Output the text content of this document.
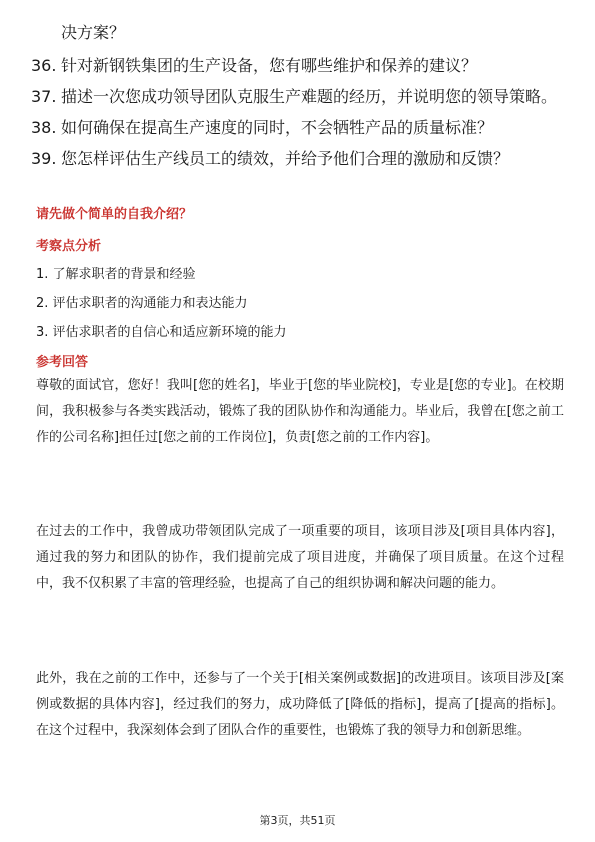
决方案？
36. 针对新钢铁集团的生产设备，您有哪些维护和保养的建议？
37. 描述一次您成功领导团队克服生产难题的经历，并说明您的领导策略。
38. 如何确保在提高生产速度的同时，不会牺牲产品的质量标准？
39. 您怎样评估生产线员工的绩效，并给予他们合理的激励和反馈？

请先做个简单的自我介绍？

考察点分析

1. 了解求职者的背景和经验
2. 评估求职者的沟通能力和表达能力
3. 评估求职者的自信心和适应新环境的能力

参考回答

尊敬的面试官，您好！我叫[您的姓名]，毕业于[您的毕业院校]，专业是[您的专业]。在校期间，我积极参与各类实践活动，锻炼了我的团队协作和沟通能力。毕业后，我曾在[您之前工作的公司名称]担任过[您之前的工作岗位]，负责[您之前的工作内容]。

在过去的工作中，我曾成功带领团队完成了一项重要的项目，该项目涉及[项目具体内容]，通过我的努力和团队的协作，我们提前完成了项目进度，并确保了项目质量。在这个过程中，我不仅积累了丰富的管理经验，也提高了自己的组织协调和解决问题的能力。

此外，我在之前的工作中，还参与了一个关于[相关案例或数据]的改进项目。该项目涉及[案例或数据的具体内容]，经过我们的努力，成功降低了[降低的指标]，提高了[提高的指标]。在这个过程中，我深刻体会到了团队合作的重要性，也锻炼了我的领导力和创新思维。

第3页，共51页
